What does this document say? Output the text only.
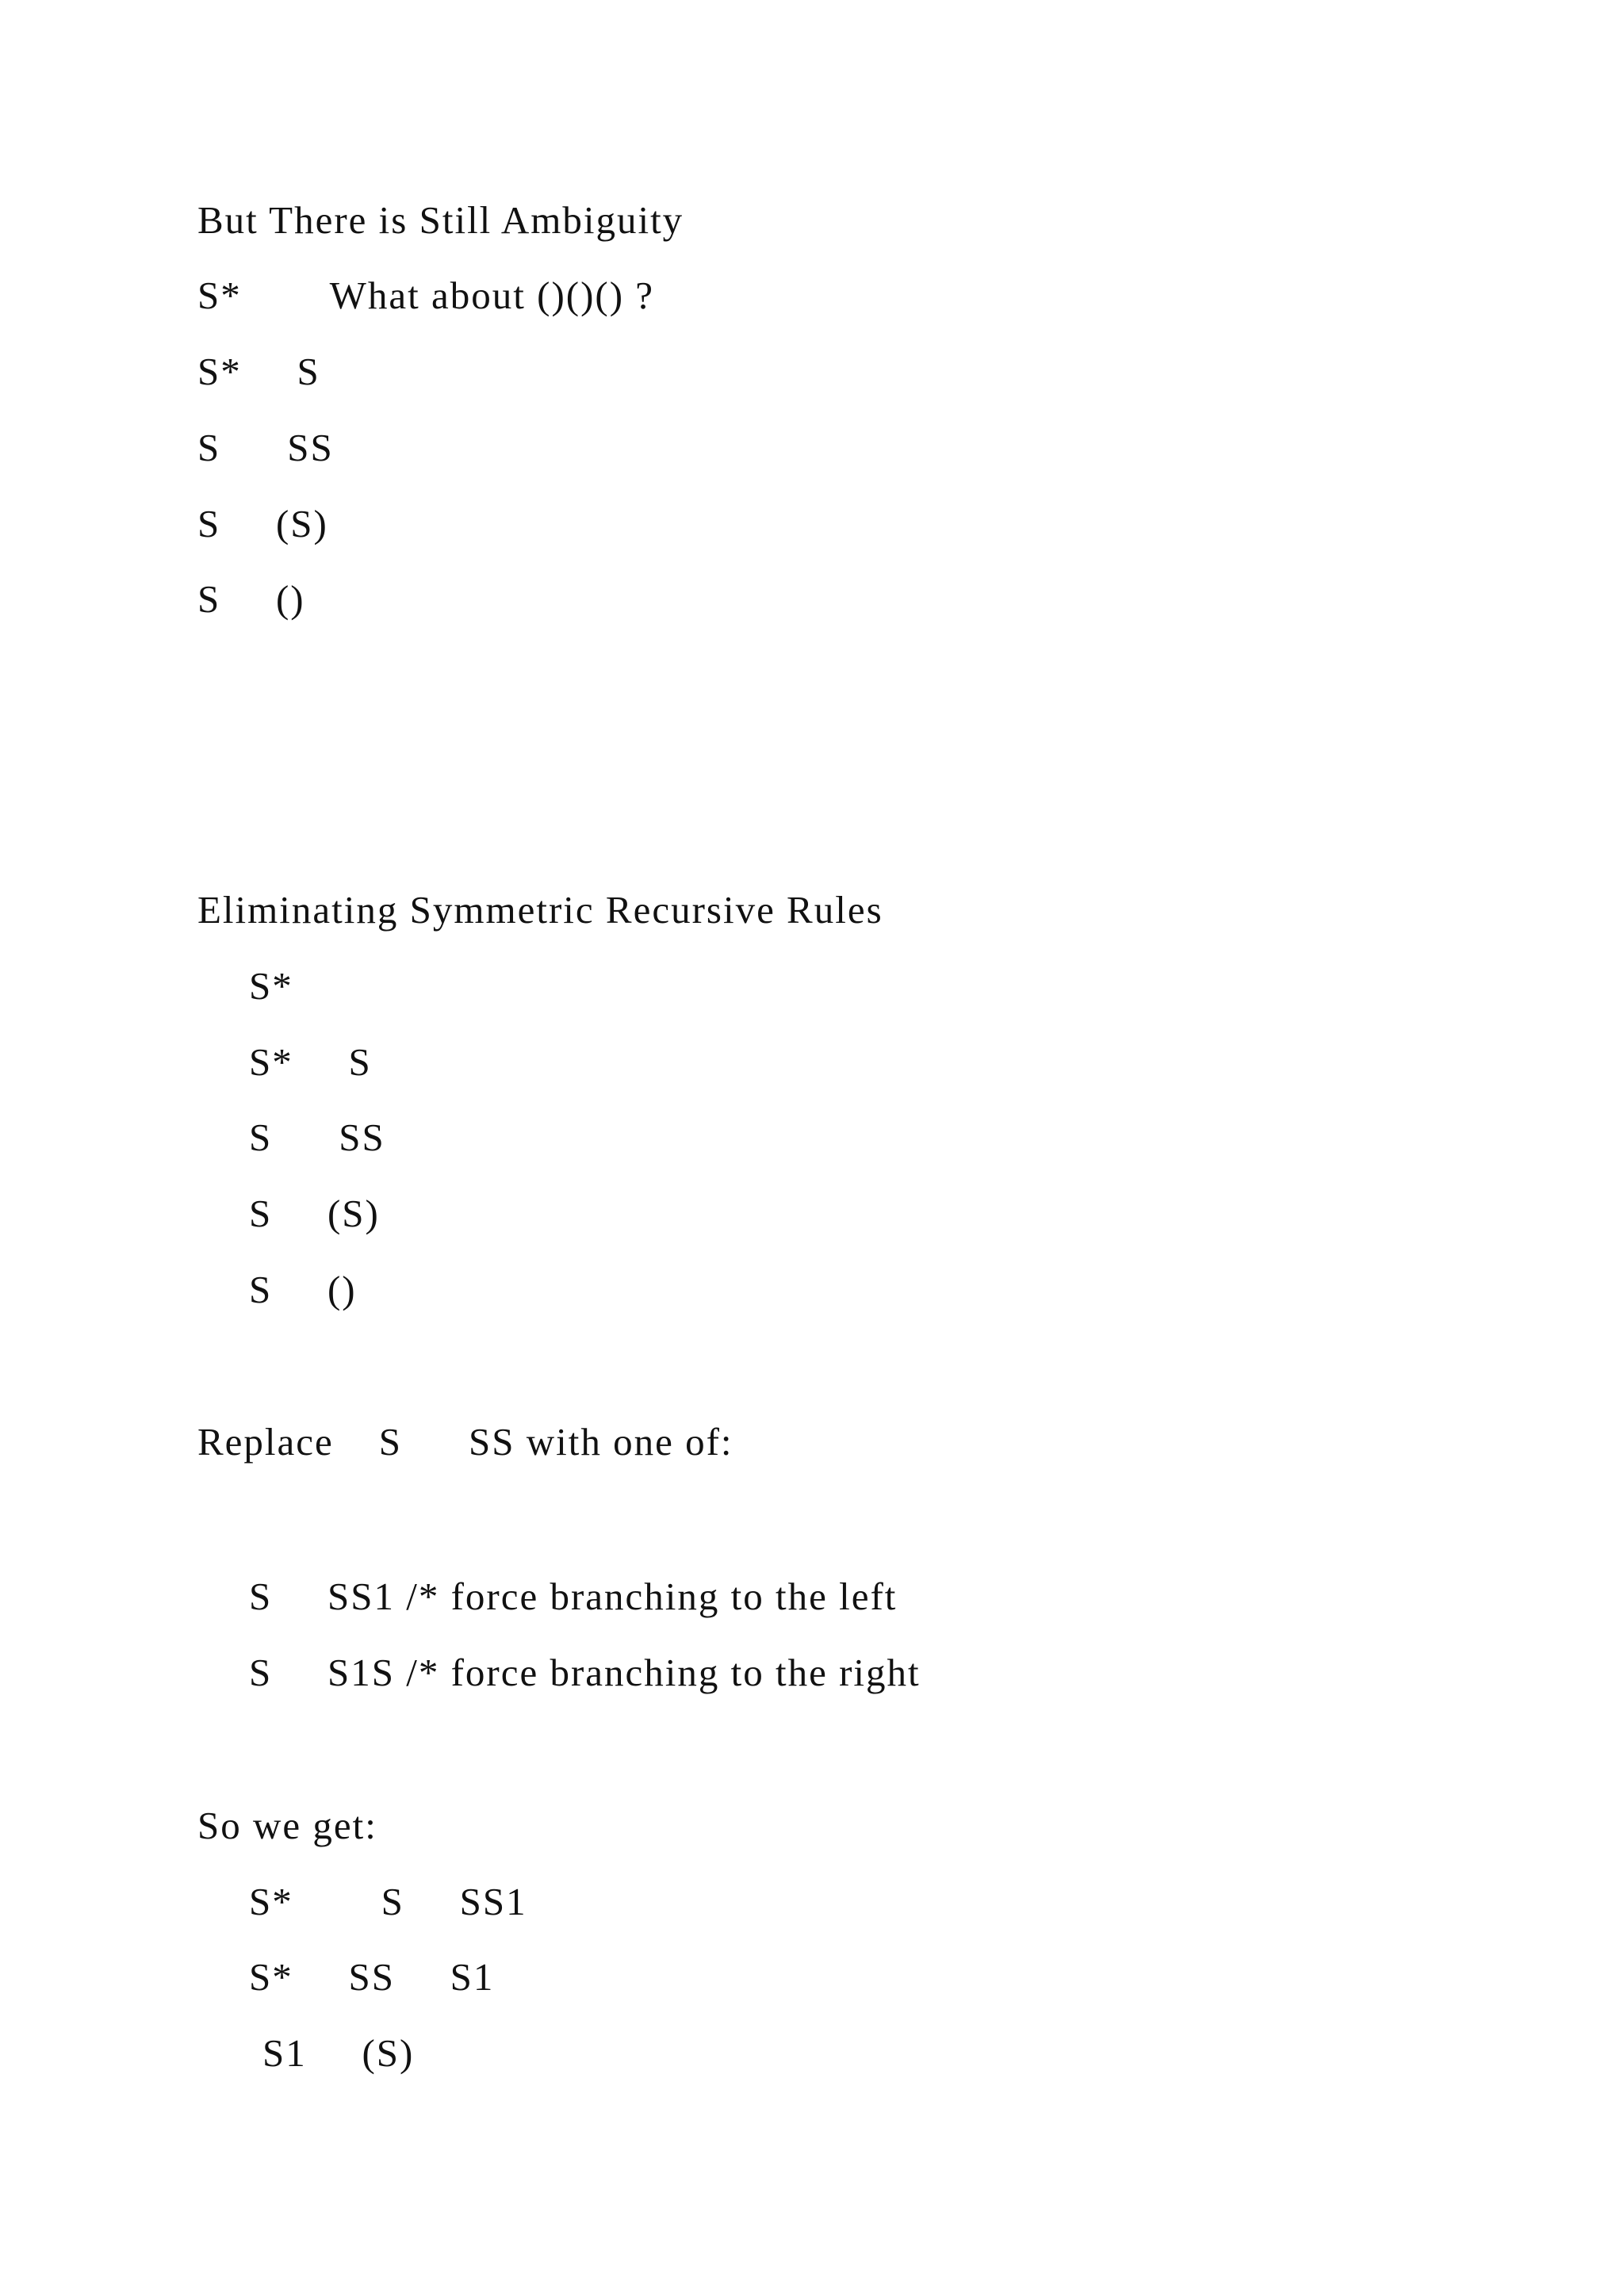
But There is Still Ambiguity

S*  What about ()()() ?

S*  S

S   SS

S  (S)

S  ()

Eliminating Symmetric Recursive Rules

S*  

S*  S

S   SS

S  (S)

S  ()

Replace    S   SS with one of:

S  SS1 /* force branching to the left

S  S1S /* force branching to the right

So we get:

S*  S  SS1

S*  SS  S1

S1  (S)
